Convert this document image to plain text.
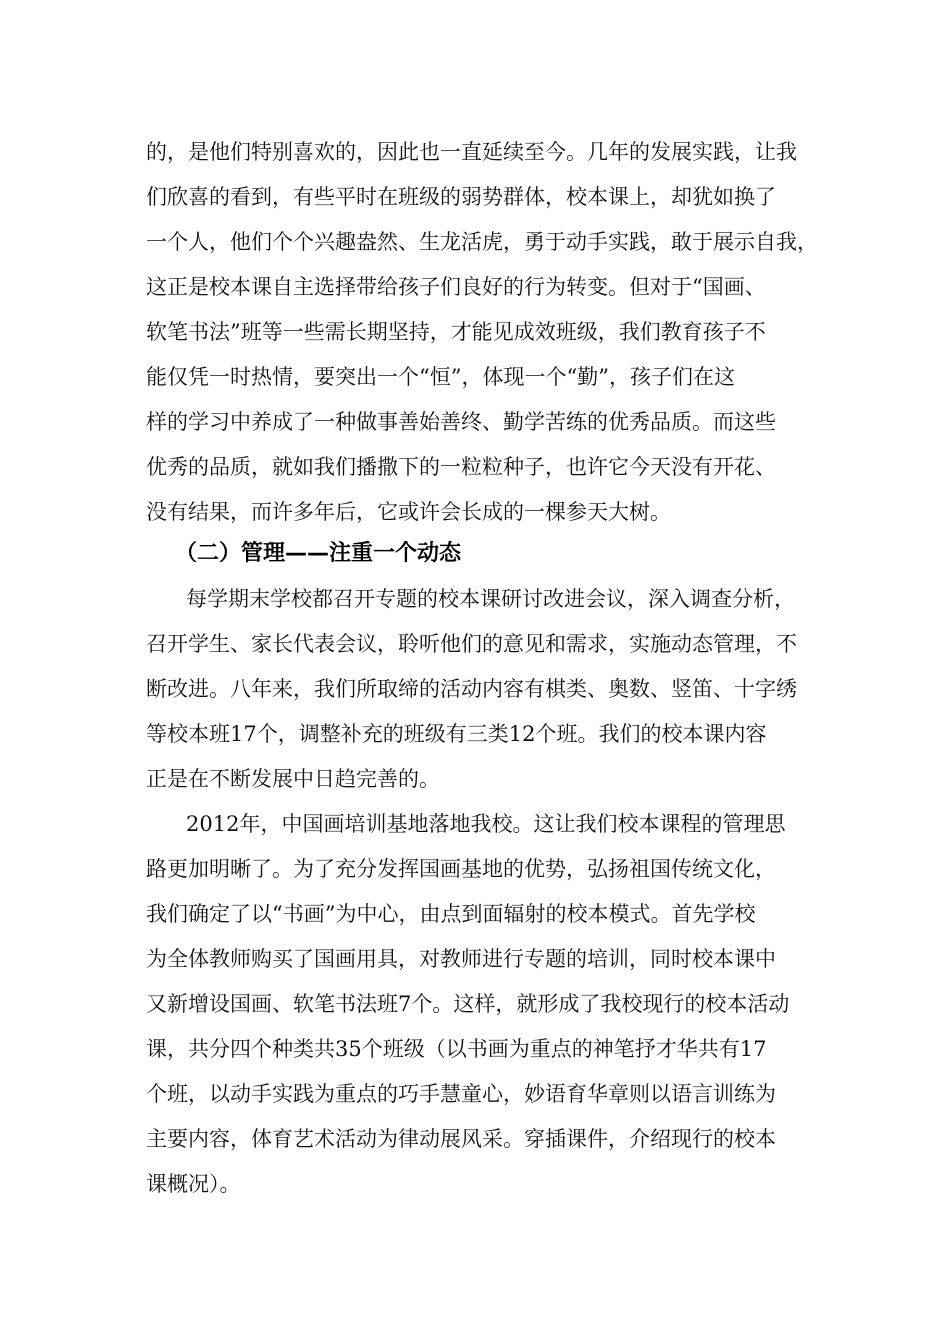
的，是他们特别喜欢的，因此也一直延续至今。几年的发展实践，让我
们欣喜的看到，有些平时在班级的弱势群体，校本课上，却犹如换了
一个人，他们个个兴趣盎然、生龙活虎，勇于动手实践，敢于展示自我，
这正是校本课自主选择带给孩子们良好的行为转变。但对于“国画、
软笔书法”班等一些需长期坚持，才能见成效班级，我们教育孩子不
能仅凭一时热情，要突出一个“恒”，体现一个“勤”，孩子们在这
样的学习中养成了一种做事善始善终、勤学苦练的优秀品质。而这些
优秀的品质，就如我们播撒下的一粒粒种子，也许它今天没有开花、
没有结果，而许多年后，它或许会长成的一棵参天大树。
（二）管理——注重一个动态
每学期末学校都召开专题的校本课研讨改进会议，深入调查分析，
召开学生、家长代表会议，聆听他们的意见和需求，实施动态管理，不
断改进。八年来，我们所取缔的活动内容有棋类、奥数、竖笛、十字绣
等校本班17个，调整补充的班级有三类12个班。我们的校本课内容
正是在不断发展中日趋完善的。
2012年，中国画培训基地落地我校。这让我们校本课程的管理思
路更加明晰了。为了充分发挥国画基地的优势，弘扬祖国传统文化，
我们确定了以“书画”为中心，由点到面辐射的校本模式。首先学校
为全体教师购买了国画用具，对教师进行专题的培训，同时校本课中
又新增设国画、软笔书法班7个。这样，就形成了我校现行的校本活动
课，共分四个种类共35个班级（以书画为重点的神笔抒才华共有17
个班，以动手实践为重点的巧手慧童心，妙语育华章则以语言训练为
主要内容，体育艺术活动为律动展风采。穿插课件，介绍现行的校本
课概况）。
